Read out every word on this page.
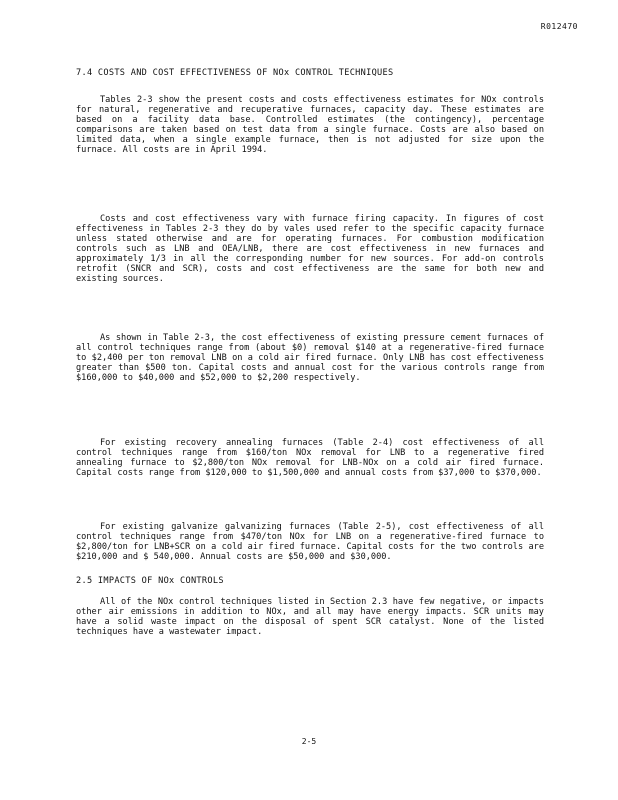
R012470
7.4 COSTS AND COST EFFECTIVENESS OF NOx CONTROL TECHNIQUES

Tables 2-3 show the present costs and costs effectiveness estimates for NOx controls for natural, regenerative and recuperative furnaces, capacity day. These estimates are based on a facility data base. Controlled estimates (the contingency), percentage comparisons are taken based on test data from a single furnace. Costs are also based on limited data, when a single example furnace, then is not adjusted for size upon the furnace. All costs are in April 1994.

Costs and cost effectiveness vary with furnace firing capacity. In figures of cost effectiveness in Tables 2-3 they do by vales used refer to the specific capacity furnace unless stated otherwise and are for operating furnaces. For combustion modification controls such as LNB and OEA/LNB, there are cost effectiveness in new furnaces and approximately 1/3 in all the corresponding number for new sources. For add-on controls retrofit (SNCR and SCR), costs and cost effectiveness are the same for both new and existing sources.

As shown in Table 2-3, the cost effectiveness of existing pressure cement furnaces of all control techniques range from (about $0) removal $140 at a regenerative-fired furnace to $2,400 per ton removal LNB on a cold air fired furnace. Only LNB has cost effectiveness greater than $500 ton. Capital costs and annual cost for the various controls range from $160,000 to $40,000 and $52,000 to $2,200 respectively.

For existing recovery annealing furnaces (Table 2-4) cost effectiveness of all control techniques range from $160/ton NOx removal for LNB to a regenerative fired annealing furnace to $2,800/ton NOx removal for LNB-NOx on a cold air fired furnace. Capital costs range from $120,000 to $1,500,000 and annual costs from $37,000 to $370,000.

For existing galvanize galvanizing furnaces (Table 2-5), cost effectiveness of all control techniques range from $470/ton NOx for LNB on a regenerative-fired furnace to $2,800/ton for LNB+SCR on a cold air fired furnace. Capital costs for the two controls are $210,000 and $ 540,000. Annual costs are $50,000 and $30,000.

2.5 IMPACTS OF NOx CONTROLS

All of the NOx control techniques listed in Section 2.3 have few negative, or impacts other air emissions in addition to NOx, and all may have energy impacts. SCR units may have a solid waste impact on the disposal of spent SCR catalyst. None of the listed techniques have a wastewater impact.

2-5
